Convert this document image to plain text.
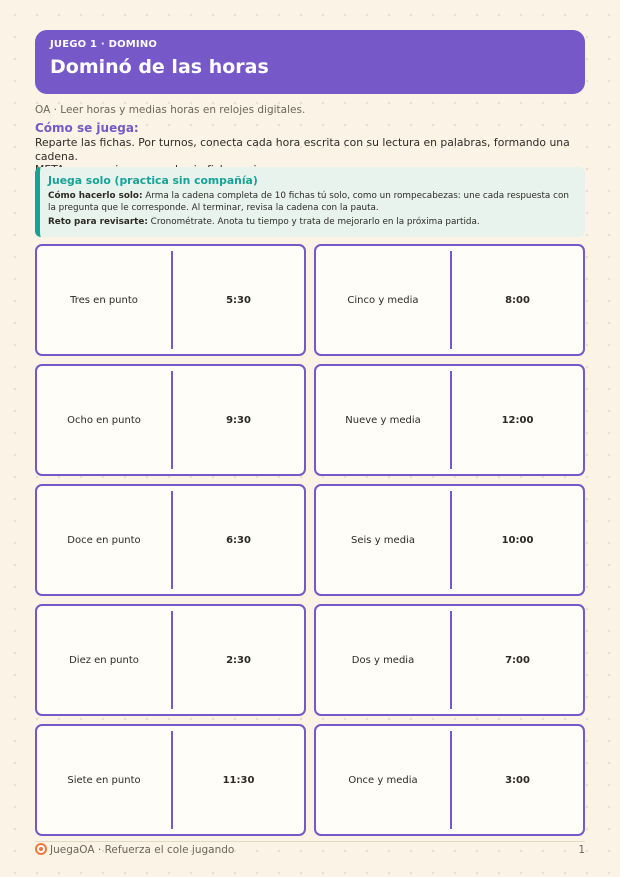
JUEGO 1 · DOMINO
Dominó de las horas
OA · Leer horas y medias horas en relojes digitales.
Cómo se juega:
Reparte las fichas. Por turnos, conecta cada hora escrita con su lectura en palabras, formando una cadena.
Juega solo (practica sin compañía)
Cómo hacerlo solo: Arma la cadena completa de 10 fichas tú solo, como un rompecabezas: une cada respuesta con la pregunta que le corresponde. Al terminar, revisa la cadena con la pauta.
Reto para revisarte: Cronométrate. Anota tu tiempo y trata de mejorarlo en la próxima partida.
Tres en punto	5:30	Cinco y media	8:00
Ocho en punto	9:30	Nueve y media	12:00
Doce en punto	6:30	Seis y media	10:00
Diez en punto	2:30	Dos y media	7:00
Siete en punto	11:30	Once y media	3:00
JuegaOA · Refuerza el cole jugando	1
